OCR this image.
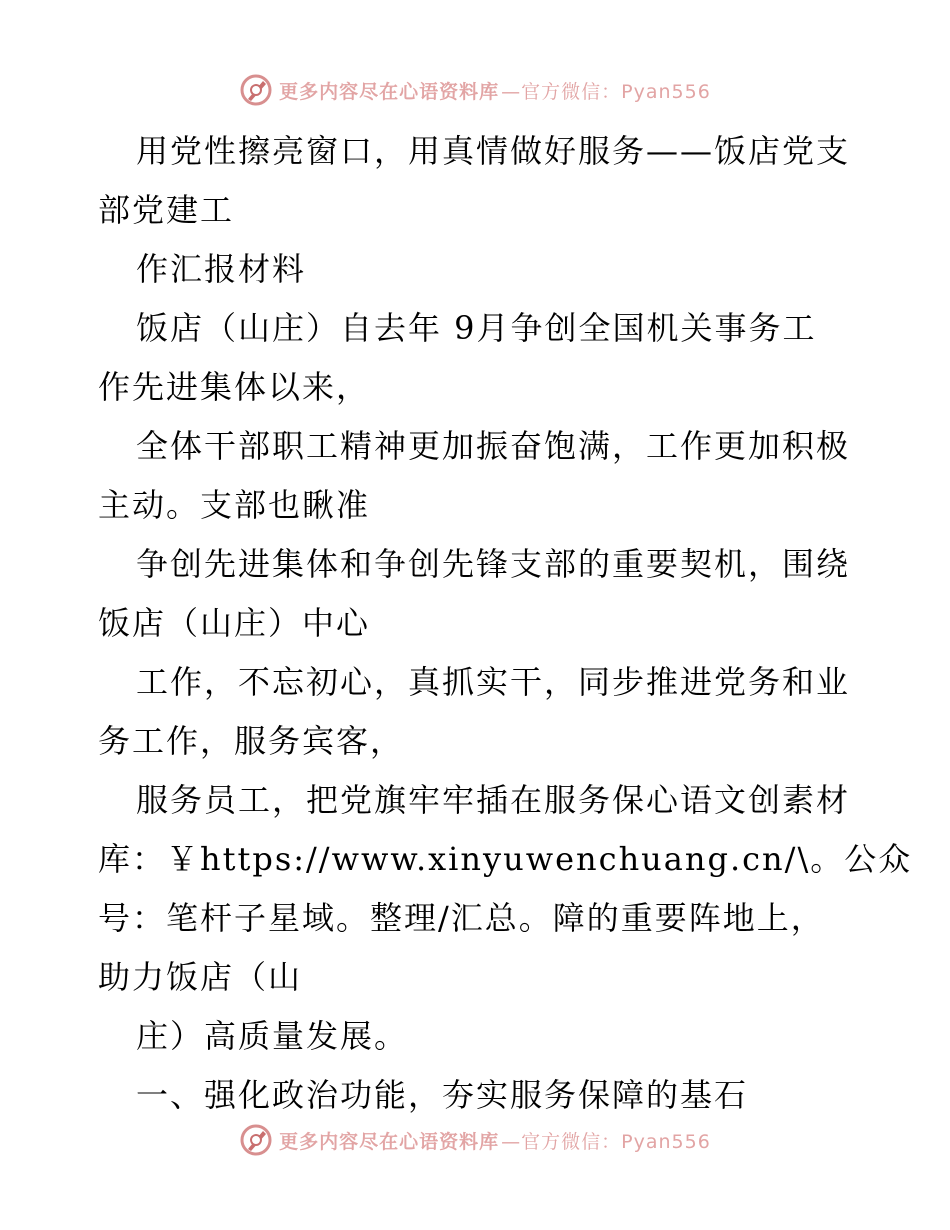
更多内容尽在心语资料库 —官方微信：Pyan556
用党性擦亮窗口，用真情做好服务——饭店党支
部党建工
作汇报材料
饭店（山庄）自去年 9月争创全国机关事务工
作先进集体以来，
全体干部职工精神更加振奋饱满，工作更加积极
主动。支部也瞅准
争创先进集体和争创先锋支部的重要契机，围绕
饭店（山庄）中心
工作，不忘初心，真抓实干，同步推进党务和业
务工作，服务宾客，
服务员工，把党旗牢牢插在服务保心语文创素材
库：￥https://www.xinyuwenchuang.cn/\。公众
号：笔杆子星域。整理/汇总。障的重要阵地上，
助力饭店（山
庄）高质量发展。
一、强化政治功能，夯实服务保障的基石
更多内容尽在心语资料库 —官方微信：Pyan556
